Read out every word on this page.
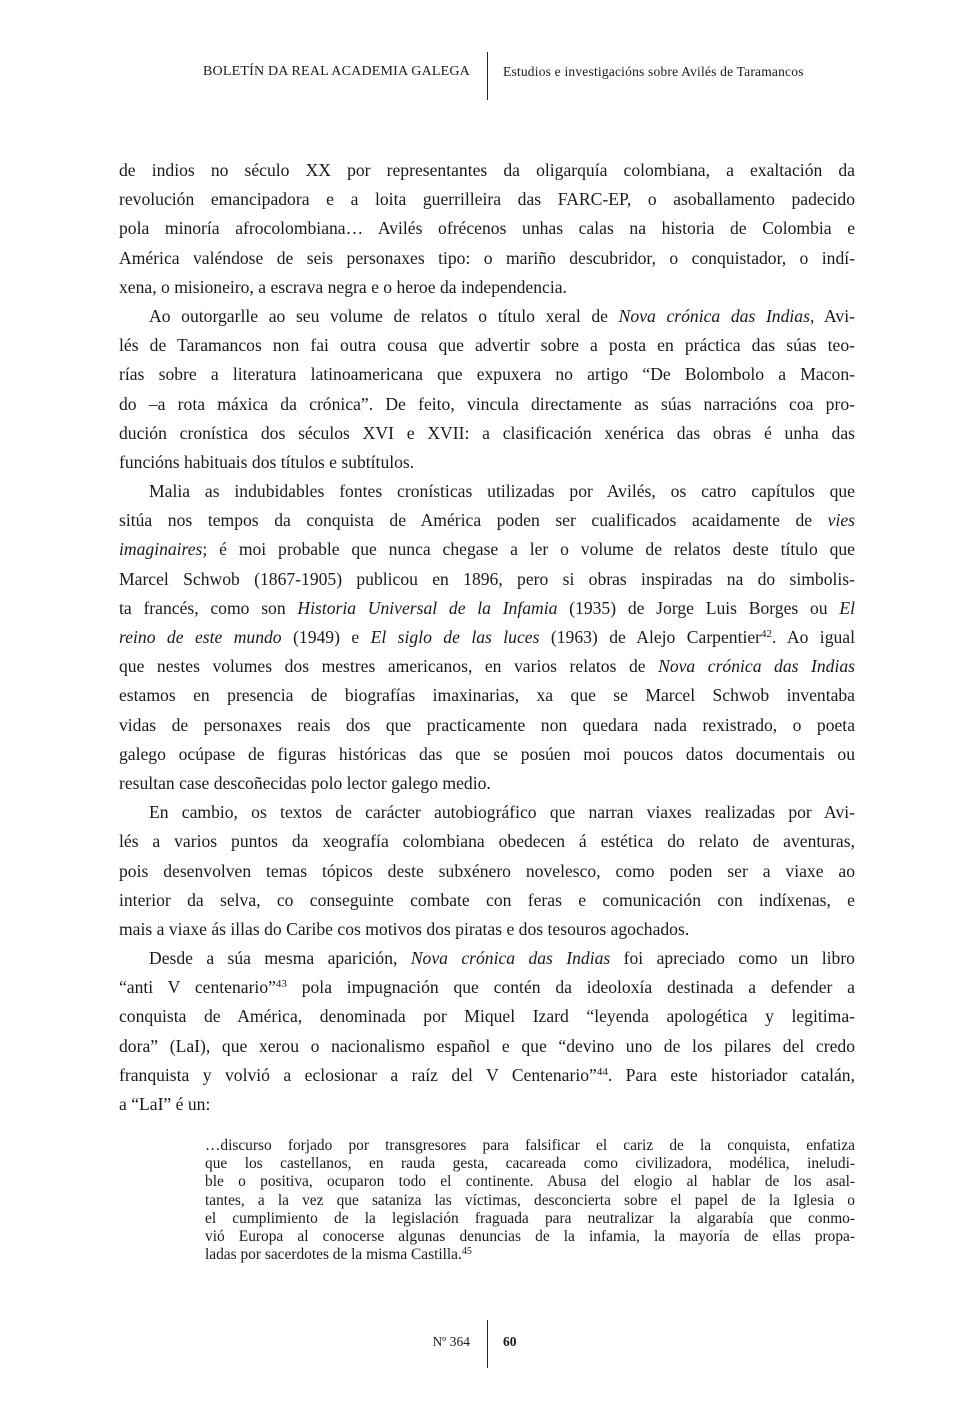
BOLETÍN DA REAL ACADEMIA GALEGA Estudios e investigacións sobre Avilés de Taramancos
de indios no século XX por representantes da oligarquía colombiana, a exaltación da
revolución emancipadora e a loita guerrilleira das FARC-EP, o asoballamento padecido
pola minoría afrocolombiana… Avilés ofrécenos unhas calas na historia de Colombia e
América valéndose de seis personaxes tipo: o mariño descubridor, o conquistador, o indí-
xena, o misioneiro, a escrava negra e o heroe da independencia.
Ao outorgarlle ao seu volume de relatos o título xeral de Nova crónica das Indias, Avi-
lés de Taramancos non fai outra cousa que advertir sobre a posta en práctica das súas teo-
rías sobre a literatura latinoamericana que expuxera no artigo “De Bolombolo a Macon-
do –a rota máxica da crónica”. De feito, vincula directamente as súas narracións coa pro-
dución cronística dos séculos XVI e XVII: a clasificación xenérica das obras é unha das
funcións habituais dos títulos e subtítulos.
Malia as indubidables fontes cronísticas utilizadas por Avilés, os catro capítulos que
sitúa nos tempos da conquista de América poden ser cualificados acaidamente de vies
imaginaires; é moi probable que nunca chegase a ler o volume de relatos deste título que
Marcel Schwob (1867-1905) publicou en 1896, pero si obras inspiradas na do simbolis-
ta francés, como son Historia Universal de la Infamia (1935) de Jorge Luis Borges ou El
reino de este mundo (1949) e El siglo de las luces (1963) de Alejo Carpentier$^{42}$. Ao igual
que nestes volumes dos mestres americanos, en varios relatos de Nova crónica das Indias
estamos en presencia de biografías imaxinarias, xa que se Marcel Schwob inventaba
vidas de personaxes reais dos que practicamente non quedara nada rexistrado, o poeta
galego ocúpase de figuras históricas das que se posúen moi poucos datos documentais ou
resultan case descoñecidas polo lector galego medio.
En cambio, os textos de carácter autobiográfico que narran viaxes realizadas por Avi-
lés a varios puntos da xeografía colombiana obedecen á estética do relato de aventuras,
pois desenvolven temas tópicos deste subxénero novelesco, como poden ser a viaxe ao
interior da selva, co conseguinte combate con feras e comunicación con indíxenas, e
mais a viaxe ás illas do Caribe cos motivos dos piratas e dos tesouros agochados.
Desde a súa mesma aparición, Nova crónica das Indias foi apreciado como un libro
“anti V centenario”$^{43}$ pola impugnación que contén da ideoloxía destinada a defender a
conquista de América, denominada por Miquel Izard “leyenda apologética y legitima-
dora” (LaI), que xerou o nacionalismo español e que “devino uno de los pilares del credo
franquista y volvió a eclosionar a raíz del V Centenario”$^{44}$. Para este historiador catalán,
a “LaI” é un:
…discurso forjado por transgresores para falsificar el cariz de la conquista, enfatiza
que los castellanos, en rauda gesta, cacareada como civilizadora, modélica, ineludi-
ble o positiva, ocuparon todo el continente. Abusa del elogio al hablar de los asal-
tantes, a la vez que sataniza las víctimas, desconcierta sobre el papel de la Iglesia o
el cumplimiento de la legislación fraguada para neutralizar la algarabía que conmo-
vió Europa al conocerse algunas denuncias de la infamia, la mayoría de ellas propa-
ladas por sacerdotes de la misma Castilla.$^{45}$
Nº 364 60
